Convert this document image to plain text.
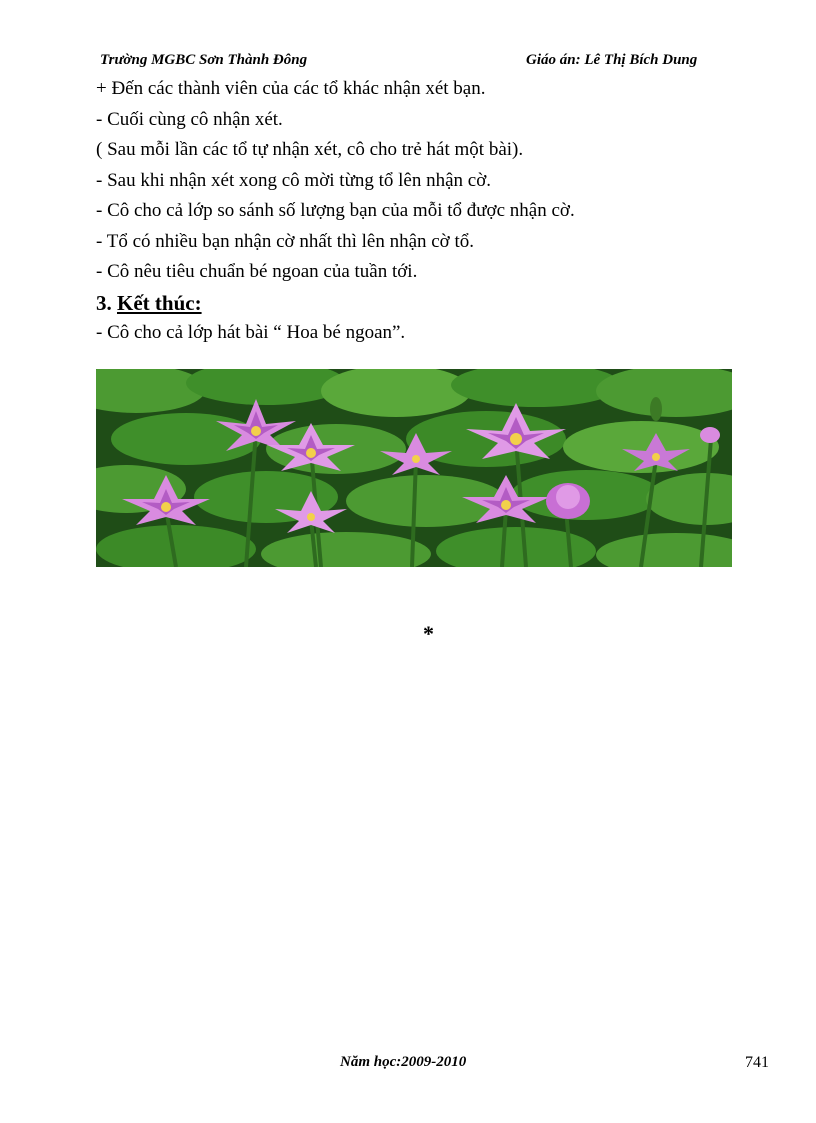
Trường MGBC Sơn Thành Đông	Giáo án: Lê Thị Bích Dung
+ Đến các thành viên của các tổ khác nhận xét bạn.
- Cuối cùng cô nhận xét.
( Sau mỗi lần các tổ tự nhận xét, cô cho trẻ hát một bài).
- Sau khi nhận xét xong cô mời từng tổ lên nhận cờ.
- Cô cho cả lớp so sánh số lượng bạn của mỗi tổ được nhận cờ.
- Tổ có nhiều bạn nhận cờ nhất thì lên nhận cờ tổ.
- Cô nêu tiêu chuẩn bé ngoan của tuần tới.
3. Kết thúc:
- Cô cho cả lớp hát bài “ Hoa bé ngoan”.
*
Năm học:2009-2010	741
